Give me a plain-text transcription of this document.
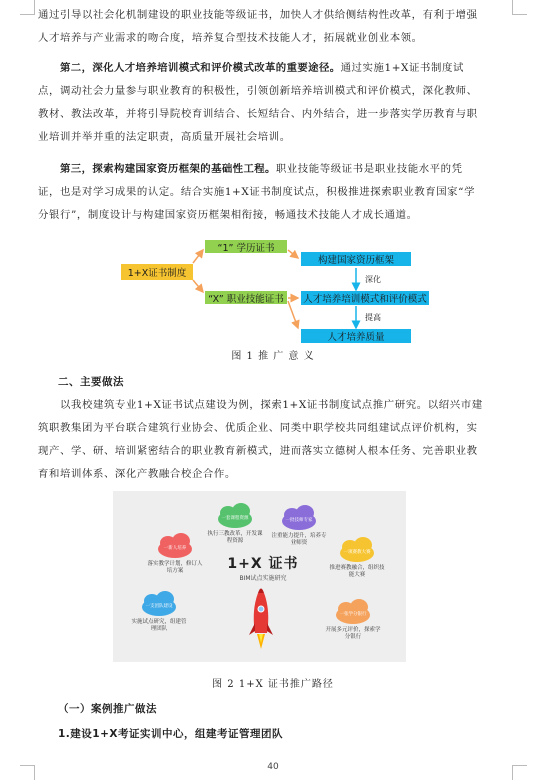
通过引导以社会化机制建设的职业技能等级证书，加快人才供给侧结构性改革，有利于增强
人才培养与产业需求的吻合度，培养复合型技术技能人才，拓展就业创业本领。
第二，深化人才培养培训模式和评价模式改革的重要途径。通过实施1+X证书制度试
点，调动社会力量参与职业教育的积极性，引领创新培养培训模式和评价模式，深化教师、
教材、教法改革，并将引导院校育训结合、长短结合、内外结合，进一步落实学历教育与职
业培训并举并重的法定职责，高质量开展社会培训。
第三，探索构建国家资历框架的基础性工程。职业技能等级证书是职业技能水平的凭
证，也是对学习成果的认定。结合实施1+X证书制度试点，积极推进探索职业教育国家“学
分银行”，制度设计与构建国家资历框架相衔接，畅通技术技能人才成长通道。
1+X证书制度
“1” 学历证书
“X” 职业技能证书
构建国家资历框架
人才培养培训模式和评价模式
人才培养质量
深化
提高
图 1 推 广 意 义
二、主要做法
以我校建筑专业1+X证书试点建设为例，探索1+X证书制度试点推广研究。以绍兴市建
筑职教集团为平台联合建筑行业协会、优质企业、同类中职学校共同组建试点评价机构，实
现产、学、研、培训紧密结合的职业教育新模式，进而落实立德树人根本任务、完善职业教
育和培训体系、深化产教融合校企合作。
1+X 证书
BIM试点实施研究
一新人培养
落实教学计划，修订人培方案
一套课程资源
执行三教改革，开发课程资源
一批技师专家
注重能力提升，培养专业师资
一项赛教大赛
推进赛教融合，组织技能大赛
一支团队建设
实施试点研究，组建管理团队
一张学分银行
开展多元评价，探索学分银行
图 2 1+X 证书推广路径
（一）案例推广做法
1.建设1+X考证实训中心，组建考证管理团队
40
